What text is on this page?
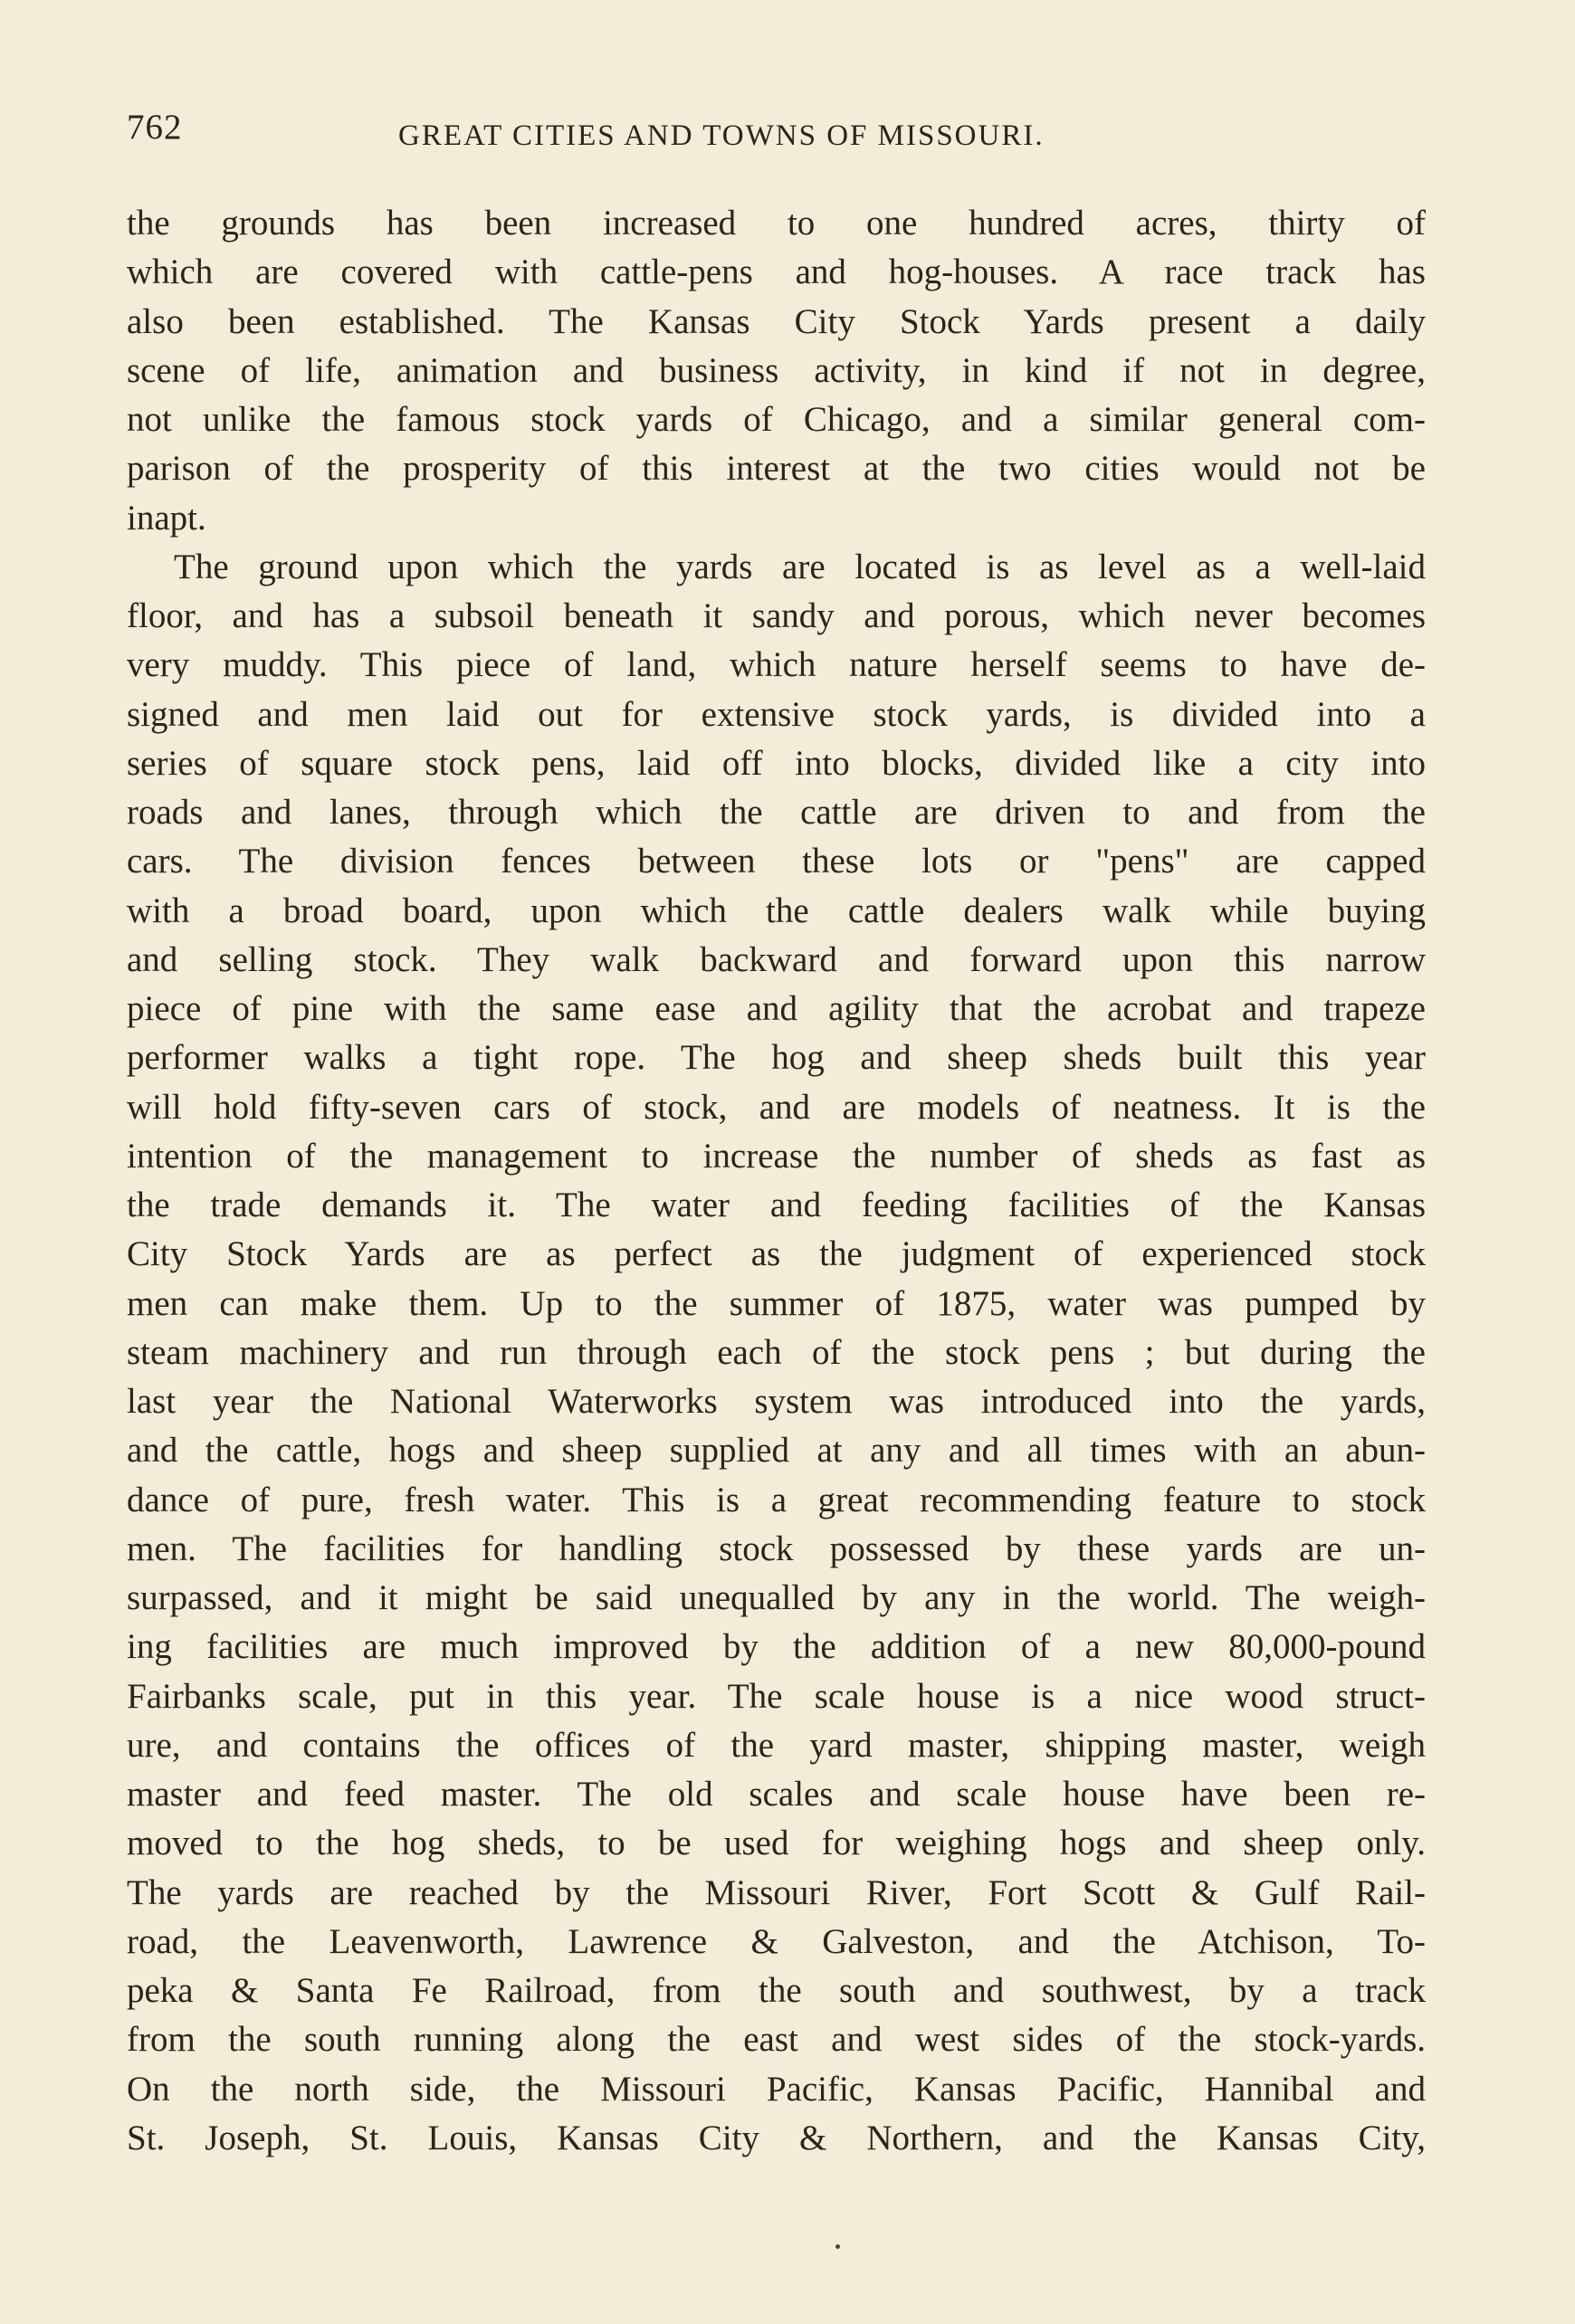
762	GREAT CITIES AND TOWNS OF MISSOURI.
the grounds has been increased to one hundred acres, thirty of
which are covered with cattle-pens and hog-houses. A race track has
also been established. The Kansas City Stock Yards present a daily
scene of life, animation and business activity, in kind if not in degree,
not unlike the famous stock yards of Chicago, and a similar general com-
parison of the prosperity of this interest at the two cities would not be
inapt.
The ground upon which the yards are located is as level as a well-laid
floor, and has a subsoil beneath it sandy and porous, which never becomes
very muddy. This piece of land, which nature herself seems to have de-
signed and men laid out for extensive stock yards, is divided into a
series of square stock pens, laid off into blocks, divided like a city into
roads and lanes, through which the cattle are driven to and from the
cars. The division fences between these lots or "pens" are capped
with a broad board, upon which the cattle dealers walk while buying
and selling stock. They walk backward and forward upon this narrow
piece of pine with the same ease and agility that the acrobat and trapeze
performer walks a tight rope. The hog and sheep sheds built this year
will hold fifty-seven cars of stock, and are models of neatness. It is the
intention of the management to increase the number of sheds as fast as
the trade demands it. The water and feeding facilities of the Kansas
City Stock Yards are as perfect as the judgment of experienced stock
men can make them. Up to the summer of 1875, water was pumped by
steam machinery and run through each of the stock pens ; but during the
last year the National Waterworks system was introduced into the yards,
and the cattle, hogs and sheep supplied at any and all times with an abun-
dance of pure, fresh water. This is a great recommending feature to stock
men. The facilities for handling stock possessed by these yards are un-
surpassed, and it might be said unequalled by any in the world. The weigh-
ing facilities are much improved by the addition of a new 80,000-pound
Fairbanks scale, put in this year. The scale house is a nice wood struct-
ure, and contains the offices of the yard master, shipping master, weigh
master and feed master. The old scales and scale house have been re-
moved to the hog sheds, to be used for weighing hogs and sheep only.
The yards are reached by the Missouri River, Fort Scott & Gulf Rail-
road, the Leavenworth, Lawrence & Galveston, and the Atchison, To-
peka & Santa Fe Railroad, from the south and southwest, by a track
from the south running along the east and west sides of the stock-yards.
On the north side, the Missouri Pacific, Kansas Pacific, Hannibal and
St. Joseph, St. Louis, Kansas City & Northern, and the Kansas City,
